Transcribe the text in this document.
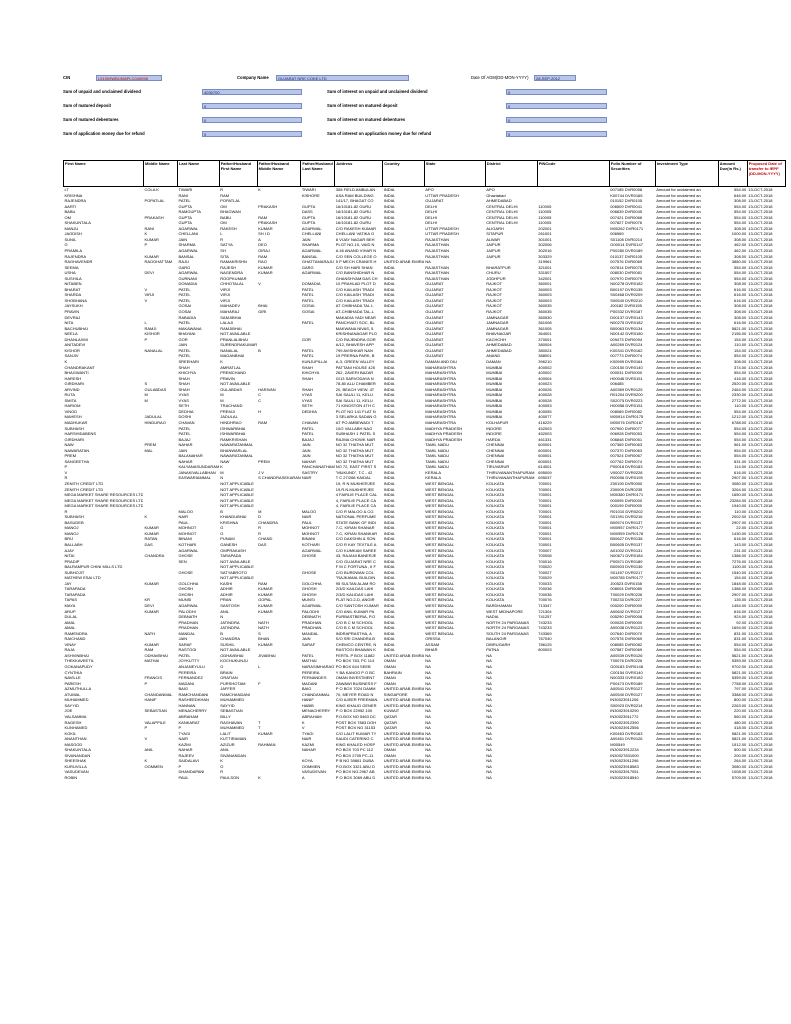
CIN	L51909WB1986PLC040098	Company Name	GUJARAT NRE COKE LTD	Date Of AGM(DD-MON-YYYY)	28-SEP-2012
Sum of unpaid and unclaimed dividend	4030700	Sum of interest on unpaid and unclaimed dividend	0
Sum of matured deposit	0	Sum of interest on matured deposit	0
Sum of matured debentures	0	Sum of interest on matured debentures	0
Sum of application money due for refund	0	Sum of interest on application money due for refund	0
First Name	Middle Name	Last Name	Father/Husband First Name	Father/Husband Middle Name	Father/Husband Last Name	Address	Country	State	District	PINCode	Folio Number of Securities	Investment Type	Amount Due(in Rs.)	Proposed Date of transfer to IEPF (DD-MON-YYYY)
LT	COLA K	TIWARI	R	K	TIWARI	308 FIELD AMBULAN	INDIA	APO	APO		007185 DVR0058	Amount for unclaimed an	554.00	13-OCT-2018
KRISHNA		RANI	RAM		KISHORE	ASA RAM BUILDING	INDIA	UTTAR PRADESH	Ghaziabad		K00744 DVR0165	Amount for unclaimed an	646.00	13-OCT-2018
RAJENDRA	POPATLAL	PATEL	POPATLAL			141/17, BHAGAT CO	INDIA	GUJARAT	AHMEDABAD		010152 DVR0105	Amount for unclaimed an	308.00	13-OCT-2018
AARTI		GUPTA	OM	PRAKASH	GUPTA	16/10181-82 GURU	INDIA	DELHI	CENTRAL DELHI	110005	006509 DVR0041	Amount for unclaimed an	554.00	13-OCT-2018
BABU		RAMGUPTA	BHAGWAN		DASS	16/10181-82 GURU	INDIA	DELHI	CENTRAL DELHI	110005	006639 DVR0045	Amount for unclaimed an	554.00	13-OCT-2018
OM	PRAKASH	GUPTA	BABU	RAM	GUPTA	16/10181-82 GURU	INDIA	DELHI	CENTRAL DELHI	110005	007421 DVR0066	Amount for unclaimed an	554.00	13-OCT-2018
SHAKUNTALA		GUPTA	OM	PRAKASH	GUPTA	16/10181-82 GURU	INDIA	DELHI	CENTRAL DELHI	110005	007827 DVR0076	Amount for unclaimed an	554.00	13-OCT-2018
MANJU	RANI	AGARWAL	RAKESH	KUMAR	AGARWAL	C/O RAKESH KUMAR	INDIA	UTTAR PRADESH	ALIGARH	202001	M00262 DVR0171	Amount for unclaimed an	308.00	13-OCT-2018
JAGDISH	K	CHELLANI	L	SH I D	CHELLANI	CHELLANI VATIKA O	INDIA	UTTAR PRADESH	SITAPUR	261001	006969	Amount for unclaimed an	1000.00	13-OCT-2018
SUNIL	KUMAR	JAIN	R	A	JAIN	8 VIJAY NAGAR BEH	INDIA	RAJASTHAN	ALWAR	301001	S01108 DVR0214	Amount for unclaimed an	308.00	13-OCT-2018
G	P	SHARMA	SATYA	DEO	SHARMA	PLOT NO-10, VAID N	INDIA	RAJASTHAN	JAIPUR	302006	G00014 DVR0147	Amount for unclaimed an	462.00	13-OCT-2018
PRAMILA		AGARWAL	SH	GIRAJ	AGARWAL	A 46 ANAND VIHAR N	INDIA	RAJASTHAN	JAIPUR	302016	P00280 DVR0189	Amount for unclaimed an	462.00	13-OCT-2018
RAJENDRA	KUMAR	BANSAL	SITA	RAM	BANSAL	C/O SEN COLLEGE O	INDIA	RAJASTHAN	JAIPUR	303329	010137 DVR0105	Amount for unclaimed an	308.00	13-OCT-2018
RAGHAVENDR	RAOGHATTAM	RAJU	RAMAKRISHN	RAO	GHATTAMARAJU	5 P MECH CRANES H	UNITED ARAB EMIRA	NA		319961	007576 DVR0069	Amount for unclaimed an	3880.00	13-OCT-2018
SEEMA		GARG	RAJESH	KUMAR	GARG	C/O SH HARI SHAN	INDIA	RAJASTHAN	BHARATPUR	321001	007814 DVR0075	Amount for unclaimed an	554.00	13-OCT-2018
USHA	DEVI	AGARWAL	NAGENDRA	KUMAR	AGARWAL	C/O BANSHIDHAR N	INDIA	RAJASTHAN	CHURU	331507	008030 DVR0081	Amount for unclaimed an	554.00	13-OCT-2018
SUSHILA		GURNANI	ROOPKUMAR			GHANSHYAM DAS CH	INDIA	RAJASTHAN	JODHPUR	342001	007970 DVR0079	Amount for unclaimed an	554.00	13-OCT-2018
NITABEN		DOMADIA	CHHOTALAL	V	DOMADIA	10 PRAHLAD PLOT D	INDIA	GUJARAT	RAJKOT	360001	N00278 DVR0182	Amount for unclaimed an	308.00	13-OCT-2018
BHARAT	V	PATEL	VIRJI		PATEL	C/O KAILASH TRADI	INDIA	GUJARAT	RAJKOT	360003	B00197 DVR0135	Amount for unclaimed an	616.00	13-OCT-2018
SHARDA	VIRJI	PATEL	VIRJI		PATEL	C/O KAILASH TRADI	INDIA	GUJARAT	RAJKOT	360003	S00468 DVR0209	Amount for unclaimed an	616.00	13-OCT-2018
SHOBHANA	V	PATEL	VIRJI		PATEL	C/O KAILASH TRADI	INDIA	GUJARAT	RAJKOT	360003	S00540 DVR0210	Amount for unclaimed an	616.00	13-OCT-2018
JAYSUKH		GOSAI	MAHADEV	BHAI	GOSAI	AT CHIBHADA TAL L	INDIA	GUJARAT	RAJKOT	360035	J00182 DVR0155	Amount for unclaimed an	308.00	13-OCT-2018
PRAVIN		GOSAI	MAHARAJ	GIRI	GOSAI	AT-CHIBHADA TAL-L	INDIA	GUJARAT	RAJKOT	360035	P00332 DVR0187	Amount for unclaimed an	308.00	13-OCT-2018
DEVRAJ		RABADIA	SAMJIBHAI			MAKADIA YADI NEAR	INDIA	GUJARAT	JAMNAGAR	360530	D00137 DVR0143	Amount for unclaimed an	308.00	13-OCT-2018
NITA	L	PATEL	LALAJI		PATEL	PANCHVATI SOC. BL	INDIA	GUJARAT	JAMNAGAR	361008	N00275 DVR0182	Amount for unclaimed an	616.00	13-OCT-2018
BACHUBHAI	RAMJI	MAKAWANA	RAMJIBHAI			MAKWANA NIVAS, 5	INDIA	GUJARAT	JAMNAGAR	361005	B00063 DVR0134	Amount for unclaimed an	5821.00	13-OCT-2018
NEELA	KISHOR	BHAYANI	NOT AVAILABLE			KRISHNANAGAR PLO	INDIA	GUJARAT	BHAVNAGAR	364001	N00142 DVR0180	Amount for unclaimed an	2156.00	13-OCT-2018
DHANLAXMI	P	GOR	PRANLALBHAI		GOR	C/O RAJENDRA GOR	INDIA	GUJARAT	KACHCHH	370001	009473 DVR0094	Amount for unclaimed an	154.00	13-OCT-2018
ANITADEVI		JAIN	SURENDRAKUMAR			A/12, BHAVESH APP	INDIA	GUJARAT	AHMEDABAD	380004	A00269 DVR0124	Amount for unclaimed an	110.00	13-OCT-2018
KISHOR	NANALAL	PATEL	NANALAL	B	PATEL	799 AVISHKAR NAN	INDIA	GUJARAT	AHMEDABAD	380024	K00341 DVR0162	Amount for unclaimed an	154.00	13-OCT-2018
SANJIV		PATEL	MAGANBHAI		PATEL	19 PRERNA PARK, B	INDIA	GUJARAT	ANAND	388001	007773 DVR0074	Amount for unclaimed an	554.00	13-OCT-2018
K		SREEHARI	K		KUNJUPILLAI	A-3, GREEN VALLEY	INDIA	DAMAN AND DIU	DAMAN	396210	K00599 DVR0164	Amount for unclaimed an	308.00	13-OCT-2018
CHANDRAKANT		SHAH	AMRATLAL		SHAH	PATTANI HOUSE 425	INDIA	MAHARASHTRA	MUMBAI	400002	C00150 DVR0140	Amount for unclaimed an	374.00	13-OCT-2018
BHAGWANTI		KHICHYA	PREMCHAND		KHICHYA	262, ZAVERI BAZAR	INDIA	MAHARASHTRA	MUMBAI	400002	000031 DVR0000	Amount for unclaimed an	554.00	13-OCT-2018
HARESH		SHAH	PRAVIN		SHAH	G/13 SARVODAYA N	INDIA	MAHARASHTRA	MUMBAI	400004	H00046 DVR0151	Amount for unclaimed an	416.00	13-OCT-2018
GIRDHARI	S	SHAH	NOT AVAILABLE			78-80 ALU CHAMBER	INDIA	MAHARASHTRA	MUMBAI	400023	006485	Amount for unclaimed an	2520.00	13-OCT-2018
ARVIND	GULABDAS	SHAH	GULABDAS	HARIVAN	SHAH	20, BEACH VIEW, 4T	INDIA	MAHARASHTRA	MUMBAI	400026	A00369 DVR0125	Amount for unclaimed an	2464.00	13-OCT-2018
RUTA	M	VYAS	M	C	VYAS	SAI SAULI 11, KELU	INDIA	MAHARASHTRA	MUMBAI	400028	R01204 DVR0200	Amount for unclaimed an	2330.00	13-OCT-2018
SMITA	M	VYAS	M	C	VYAS	SAI SAULI 11, KELU	INDIA	MAHARASHTRA	MUMBAI	400028	S02075 DVR0223	Amount for unclaimed an	2772.00	13-OCT-2018
HARIOM		SETH	TRACHAND		SETH	71 KINGSTON 4TH C	INDIA	MAHARASHTRA	MUMBAI	400053	H00058 DVR0151	Amount for unclaimed an	110.00	13-OCT-2018
VINOD		DEDHIA	PREMJI	H	DEDHIA	PLOT NO 141 FLAT N	INDIA	MAHARASHTRA	MUMBAI	400055	008089 DVR0082	Amount for unclaimed an	554.00	13-OCT-2018
MAHESH	JADULAL	DOSHI	JADULAL			3 SELARKA SADAN G	INDIA	MAHARASHTRA	MUMBAI	400077	M00914 DVR0175	Amount for unclaimed an	1212.00	13-OCT-2018
MADHUKAR	HINDURAO	CHAVAN	HINDHRAO	RAM	CHAVAN	AT PO AMBEWADI T	INDIA	MAHARASHTRA	KOLHAPUR	416229	M00076 DVR0167	Amount for unclaimed an	6788.00	13-OCT-2018
SUBHASH		PATEL	ISHWARBHAI		PATEL	10/2 VALLABH NAG	INDIA	MADHYA PRADESH	INDORE	452003	007900 DVR0077	Amount for unclaimed an	554.00	13-OCT-2018
HARSHIDABENS		PATEL	ISHWARBHAI		PATEL	SUBHASH 1 PATEL S	INDIA	MADHYA PRADESH	INDORE	452003	006928 DVR0053	Amount for unclaimed an	554.00	13-OCT-2018
GIRDHARI		BAJAJ	RAMKRISHAN		BAJAJ	RAJMA CHOWK NAR	INDIA	MADHYA PRADESH	HARDA	461331	006848 DVR0051	Amount for unclaimed an	554.00	13-OCT-2018
NAW	PREM	NAHAR	NAWARATANMAL		JAIN	NO 32 THATHA MUT	INDIA	TAMIL NADU	CHENNAI	600001	007369 DVR0063	Amount for unclaimed an	561.00	13-OCT-2018
NAWARATAN	MAL	JAIN	BHANWARLAL		JAIN	NO 32 THATHA MUT	INDIA	TAMIL NADU	CHENNAI	600001	007370 DVR0063	Amount for unclaimed an	554.00	13-OCT-2018
PREM		BALANAHAR	NAWARATANMAL		JAIN	NO 32 THATHA MUT	INDIA	TAMIL NADU	CHENNAI	600001	007524 DVR0067	Amount for unclaimed an	554.00	13-OCT-2018
SANGEETHA		NAHAR	NAW	PREM	NAHAR	NO 32 THATHA MUT	INDIA	TAMIL NADU	CHENNAI	600001	007762 DVR0074	Amount for unclaimed an	831.00	13-OCT-2018
P		KALYANASUNDARAM	K		PANCHANATHAM	NO 72, EAST FIRST S	INDIA	TAMIL NADU	TIRUVARUR	614001	P00018 DVR0183	Amount for unclaimed an	114.00	13-OCT-2018
V		JANAKIVALLABHAN	M	J V	SASTRY	"MUKUND", T.C - 42	INDIA	KERALA	THIRUVANANTHAPURAM	695009	V00027 DVR0228	Amount for unclaimed an	616.00	13-OCT-2018
R		EASWARIAMMAL	N	S CHANDRASEKARAN	NAIR	T C 27/268 KAIDAL	INDIA	KERALA	THIRUVANANTHAPURAM	695037	R00006 DVR0195	Amount for unclaimed an	2907.00	13-OCT-2018
ZENITH CREDIT LTD			NOT APPLICABLE			19, R N MUKHERJEE	INDIA	WEST BENGAL	KOLKATA	700001	Z00190 DVR0000	Amount for unclaimed an	3080.00	13-OCT-2018
ZENITH CREDIT LTD			NOT APPLICABLE			19,R.N.MUKHERJEE	INDIA	WEST BENGAL	KOLKATA	700001	Z00009 DVR0235	Amount for unclaimed an	3264.00	13-OCT-2018
MEGA MARKET SHARE RESOURCES LTD			NOT APPLICABLE			4 FAIRLIE PLACE CAL	INDIA	WEST BENGAL	KOLKATA	700001	M00380 DVR0171	Amount for unclaimed an	1650.00	13-OCT-2018
MEGA MARKET SHARE RESOURCES LTD			NOT APPLICABLE			4, FAIRLIE PLACE CA	INDIA	WEST BENGAL	KOLKATA	700001	000095 DVR0000	Amount for unclaimed an	23284.00	13-OCT-2018
MEGA MARKET SHARE RESOURCES LTD			NOT APPLICABLE			4, FAIRLIE PLACE CA	INDIA	WEST BENGAL	KOLKATA	700001	000199 DVR0000	Amount for unclaimed an	1940.00	13-OCT-2018
R		MALOO	B	M	MALOO	C/O R MALOO & CO.	INDIA	WEST BENGAL	KOLKATA	700001	R01010 DVR0202	Amount for unclaimed an	110.00	13-OCT-2018
SUBHASH	K	NAIR	KHANDUBHAI	D	NAIR	NATIONAL PERFUME	INDIA	WEST BENGAL	KOLKATA	700001	S01391 DVR0216	Amount for unclaimed an	2002.00	13-OCT-2018
BASUDEB		PAUL	KRISHNA	CHANDRA	PAUL	STATE BANK OF INDI	INDIA	WEST BENGAL	KOLKATA	700001	B00574 DVR0137	Amount for unclaimed an	2907.00	13-OCT-2018
MANOJ	KUMAR	MOHNOT	G	R	MOHNOT	7-C, KIRAN SHANAR	INDIA	WEST BENGAL	KOLKATA	700001	M00957 DVR0177	Amount for unclaimed an	22.00	13-OCT-2018
MANOJ	KUMAR	MOHNOT	G	R	MOHNOT	7-C, KIRAN SHANKAR	INDIA	WEST BENGAL	KOLKATA	700001	M00959 DVR0178	Amount for unclaimed an	1430.00	13-OCT-2018
BRIJ	RATAN	BINANI	PUNAM	CHAND	BINANI	C/O DAKSHIN & SON	INDIA	WEST BENGAL	KOLKATA	700001	B00627 DVR0138	Amount for unclaimed an	616.00	13-OCT-2018
BALLABH	DAS	KOTHARI	GANESH	DAS	KOTHARI	C/O R KAY TEXTILE A	INDIA	WEST BENGAL	KOLKATA	700001	B00605 DVR0137	Amount for unclaimed an	143.00	13-OCT-2018
AJAY		AGARWAL	OMPRAKASH		AGARWAL	C/O KUMKAM SAREE	INDIA	WEST BENGAL	KOLKATA	700007	A01002 DVR0131	Amount for unclaimed an	231.00	13-OCT-2018
NITAI	CHANDRA	GHOSE	TARAPADA		GHOSE	43, RAJANI BANERJE	INDIA	WEST BENGAL	KOLKATA	700008	N00671 DVR0184	Amount for unclaimed an	1386.00	13-OCT-2018
PRADIP		SEN	NOT AVAILABLE			C/O GUJARAT NRE C	INDIA	WEST BENGAL	KOLKATA	700016	P00571 DVR0189	Amount for unclaimed an	7276.00	13-OCT-2018
BALRAMPUR CHINI MILLS LTD			NOT APPLICABLE			F M C FORTUNA , II F	INDIA	WEST BENGAL	KOLKATA	700020	B00503 DVR0136	Amount for unclaimed an	1100.00	13-OCT-2018
SUBHOJIT		GHOSE	SATYABROTO		GHOSE	C/O BURDWAN COL	INDIA	WEST BENGAL	KOLKATA	700027	S01497 DVR0217	Amount for unclaimed an	1540.00	13-OCT-2018
MATHEW ESAI LTD			NOT APPLICABLE			"RAJKAMAL BUILDIN	INDIA	WEST BENGAL	KOLKATA	700029	M00785 DVR0177	Amount for unclaimed an	154.00	13-OCT-2018
JAY	KUMAR	GOLCHHA	KASHI	RAM	GOLCHHA	95 SULTAN ALAM RO	INDIA	WEST BENGAL	KOLKATA	700033	J00523 DVR0158	Amount for unclaimed an	1848.00	13-OCT-2018
TARAPADA		GHOSH	ADHIR	KUMAR	GHOSH	2/3/D KAILDAS LAHI	INDIA	WEST BENGAL	KOLKATA	700036	008004 DVR0080	Amount for unclaimed an	1386.00	13-OCT-2018
TARAPADA		GHOSH	ADHIR	KUMAR	GHOSH	2/3/D KALIDAS LAHI	INDIA	WEST BENGAL	KOLKATA	700036	T00029 DVR0226	Amount for unclaimed an	2907.00	13-OCT-2018
TAPAS	KR	MUNSI	PRAN	GOPAL	MUNSI	FLAT NO.2-D, ANGIR	INDIA	WEST BENGAL	KOLKATA	700076	T00233 DVR0227	Amount for unclaimed an	135.00	13-OCT-2018
MAYA	DEVI	AGARWAL	SANTOSH	KUMAR	AGARWAL	C/O SANTOSH KUMAR	INDIA	WEST BENGAL	BARDHAMAN	713347	000200 DVR0000	Amount for unclaimed an	1454.00	13-OCT-2018
ARUP	KUMAR	PALODHI	ANIL	KUMAR	PALODHI	C/O ANIL KUMAR PA	INDIA	WEST BENGAL	WEST MIDNAPORE	721304	A00642 DVR0127	Amount for unclaimed an	616.00	13-OCT-2018
DULAL		DEBNATH	N		DEBNATH	PURBASTBERIA, P.O	INDIA	WEST BENGAL	NADIA	741257	005290 DVR0008	Amount for unclaimed an	924.00	13-OCT-2018
AMAL		PRADHAN	JATINDRA	NATH	PRADHAN	C/O B C M SCHOOL	INDIA	WEST BENGAL	NORTH 24 PARGANAS	743233	000028 DVR0000	Amount for unclaimed an	92.00	13-OCT-2018
AMAL		PRADHAN	JATINDRA	NATH	PRADHAN	C/O B C M SCHOOL	INDIA	WEST BENGAL	NORTH 24 PARGANAS	743233	A00038 DVR0123	Amount for unclaimed an	1694.00	13-OCT-2018
RAMENDRA	NATH	MANDAL	B	S	MANDAL	INDRAPRASTHA, A	INDIA	WEST BENGAL	SOUTH 24 PARGANAS	743369	007640 DVR0070	Amount for unclaimed an	831.00	13-OCT-2018
RAICHAND		JAIN	CHANDRA	BHAN	JAIN	S/O SRI CHANDRA B	INDIA	ORISSA	BALANGIR	767040	007578 DVR0069	Amount for unclaimed an	831.00	13-OCT-2018
VINAY	KUMAR	SARAF	SUSHIL	KUMAR	SARAF	CHEMCO CENTRE, N	INDIA	ASSAM	DIBRUGARH	786125	008085 DVR0082	Amount for unclaimed an	554.00	13-OCT-2018
RAJA	RAM	RASTOGI	NOT AVAILABLE			RASTOGI BHAWAN K	INDIA	BIHAR	PATNA	800003	007587 DVR0069	Amount for unclaimed an	554.00	13-OCT-2018
ASHVINBHAI	ODHAVBHAI	PATEL	ODHAVBHAI	JIVABHAI	PATEL	FERTIL P BOX 11882	UNITED ARAB EMIRA	NA	NA		A00539 DVR0126	Amount for unclaimed an	5621.00	13-OCT-2018
THEKKAVEETIL	MATHAI	JOYKUTTY	KOCHUKUNJU		MATHAI	PO BOX 783, PC 114	OMAN	NA	NA		T00076 DVR0226	Amount for unclaimed an	5359.00	13-OCT-2018
GOKANAPUDY		ANJANEYULU	G	L	NARASIMHARAO	PO BOX 644 SEEB	OMAN	NA	NA		G00183 DVR0148	Amount for unclaimed an	9702.00	13-OCT-2018
CYNTHIA		PEREIRA	BRAIN		PEREIRA	Y BA KANOO P O BC	BAHRAIN	NA	NA		C00154 DVR0140	Amount for unclaimed an	5821.00	13-OCT-2018
NAVILLE	FRANCIS	FERNANDEZ	GRATIAN		FERNANDES	OMAN INVESTMENT	OMAN	NA	NA		N00333 DVR0182	Amount for unclaimed an	5359.00	13-OCT-2018
PARESH	P	MADANI	PURSHOTAM	F	MADANI	ZAWAWI BUSINESS F	OMAN	NA	NA		P00473 DVR0189	Amount for unclaimed an	7758.00	13-OCT-2018
AZMUTHULLA		BAIG	JAFFER		BAIG	P O BOX 7024 DAMM	UNITED ARAB EMIRA	NA	NA		A00541 DVR0127	Amount for unclaimed an	797.00	13-OCT-2018
ATUMAL	CHANDANMAL	RAMCHANDANI	RAMCHANDANI		CHANDANMAL	70, MEYER ROAD N	SINGAPORE	NA	NA		A00540 DVR0127	Amount for unclaimed an	3388.00	13-OCT-2018
MUHAMMED	HANIF	RASHEEDKHAN	MUHAMMED		HANIF	C/O AJEER FREEMAN	UNITED ARAB EMIRA	NA	NA		IN30023911206	Amount for unclaimed an	800.00	13-OCT-2018
SAYYID		HANNAN	SAYYID		HABIB	KING KHALID GENER	UNITED ARAB EMIRA	NA	NA		S00923 DVR0214	Amount for unclaimed an	2263.00	13-OCT-2018
JOE	SEBASTIAN	MENACHERRY	SEBASTIAN		MENACHERRY	P O BOX 22952 100	KUWAIT	NA	NA		IN30023910290	Amount for unclaimed an	220.00	13-OCT-2018
VALSAMMA		ABRAHAM	BILLY		ABRAHAM	P.O.BOX NO 5463 DC	QATAR	NA	NA		IN30023911772	Amount for unclaimed an	560.00	13-OCT-2018
RAGESH	VALAPPILE	KANKARAT	RAGHAVAN	T	K	POST BOX 7883 DOH	QATAR	NA	NA		IN30023912390	Amount for unclaimed an	480.00	13-OCT-2018
KUNHAMED	P	P	MUHAMMED	T	V	POST BOX NO 31153	QATAR	NA	NA		IN30023912556	Amount for unclaimed an	418.00	13-OCT-2018
KOKIL		TYAGI	LALIT	KUMAR	TYAGI	C/O LALIT KUMAR TY	UNITED ARAB EMIRA	NA	NA		K00463 DVR0163	Amount for unclaimed an	5821.00	13-OCT-2018
ANANTHAN	V	NAIR	KUTTIRAMAN		NAIR	SAUDI CATERING C	UNITED ARAB EMIRA	NA	NA		A00461 DVR0126	Amount for unclaimed an	5821.00	13-OCT-2018
MASOOD		KAZMI	AZIZUR	RAHMAN	KAZMI	KING KHALED HOSP	UNITED ARAB EMIRA	NA	NA		M00549	Amount for unclaimed an	1512.00	13-OCT-2018
SHAKUNTALA	ANIL	NAHAR	ANIL		NAHAR	PO BOX 703 PC 112	OMAN	NA	NA		IN30023912234	Amount for unclaimed an	500.00	13-OCT-2018
SIVANANDAN		RAJEEV	SIVANANDAN			PO BOX 2705 PC-11	OMAN	NA	NA		IN30027831000	Amount for unclaimed an	200.00	13-OCT-2018
SHEESHAK	K	SAIDALAVI	K		KOYA	P B NO 39861 DUBA	UNITED ARAB EMIRA	NA	NA		IN30023911296	Amount for unclaimed an	264.00	13-OCT-2018
KURUVILLA	OOMMEN	P	O		OOMMEN	P.O.BOX 3321 ABU D	UNITED ARAB EMIRA	NA	NA		IN30023918583	Amount for unclaimed an	3080.00	13-OCT-2018
VASUDEVAN		DHANDAPANI	R		VASUDEVAN	PO BOX NO.2967 AB	UNITED ARAB EMIRA	NA	NA		IN30023917051	Amount for unclaimed an	1008.00	13-OCT-2018
ROBIN		PAUL	PAULSON	K	A	P O BOX 3069 ABU D	UNITED ARAB EMIRA	NA	NA		IN30023918540	Amount for unclaimed an	5709.00	13-OCT-2018
